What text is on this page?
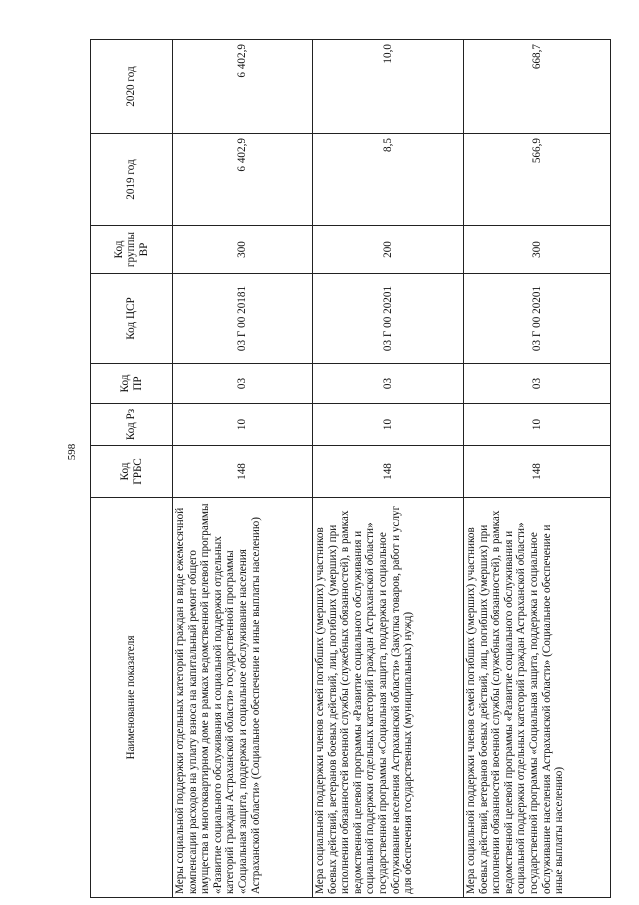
598
Наименование показателя	Код ГРБС	Код Рз	Код ПР	Код ЦСР	Код группы ВР	2019 год	2020 год
Меры социальной поддержки отдельных категорий граждан в виде ежемесячной компенсации расходов на уплату взноса на капитальный ремонт общего имущества в многоквартирном доме в рамках ведомственной целевой программы «Развитие социального обслуживания и социальной поддержки отдельных категорий граждан Астраханской области» государственной программы «Социальная защита, поддержка и социальное обслуживание населения Астраханской области» (Социальное обеспечение и иные выплаты населению)	148	10	03	03 Г 00 20181	300	6 402,9	6 402,9
Мера социальной поддержки членов семей погибших (умерших) участников боевых действий, ветеранов боевых действий, лиц, погибших (умерших) при исполнении обязанностей военной службы (служебных обязанностей), в рамках ведомственной целевой программы «Развитие социального обслуживания и социальной поддержки отдельных категорий граждан Астраханской области» государственной программы «Социальная защита, поддержка и социальное обслуживание населения Астраханской области» (Закупка товаров, работ и услуг для обеспечения государственных (муниципальных) нужд)	148	10	03	03 Г 00 20201	200	8,5	10,0
Мера социальной поддержки членов семей погибших (умерших) участников боевых действий, ветеранов боевых действий, лиц, погибших (умерших) при исполнении обязанностей военной службы (служебных обязанностей), в рамках ведомственной целевой программы «Развитие социального обслуживания и социальной поддержки отдельных категорий граждан Астраханской области» государственной программы «Социальная защита, поддержка и социальное обслуживание населения Астраханской области» (Социальное обеспечение и иные выплаты населению)	148	10	03	03 Г 00 20201	300	566,9	668,7
